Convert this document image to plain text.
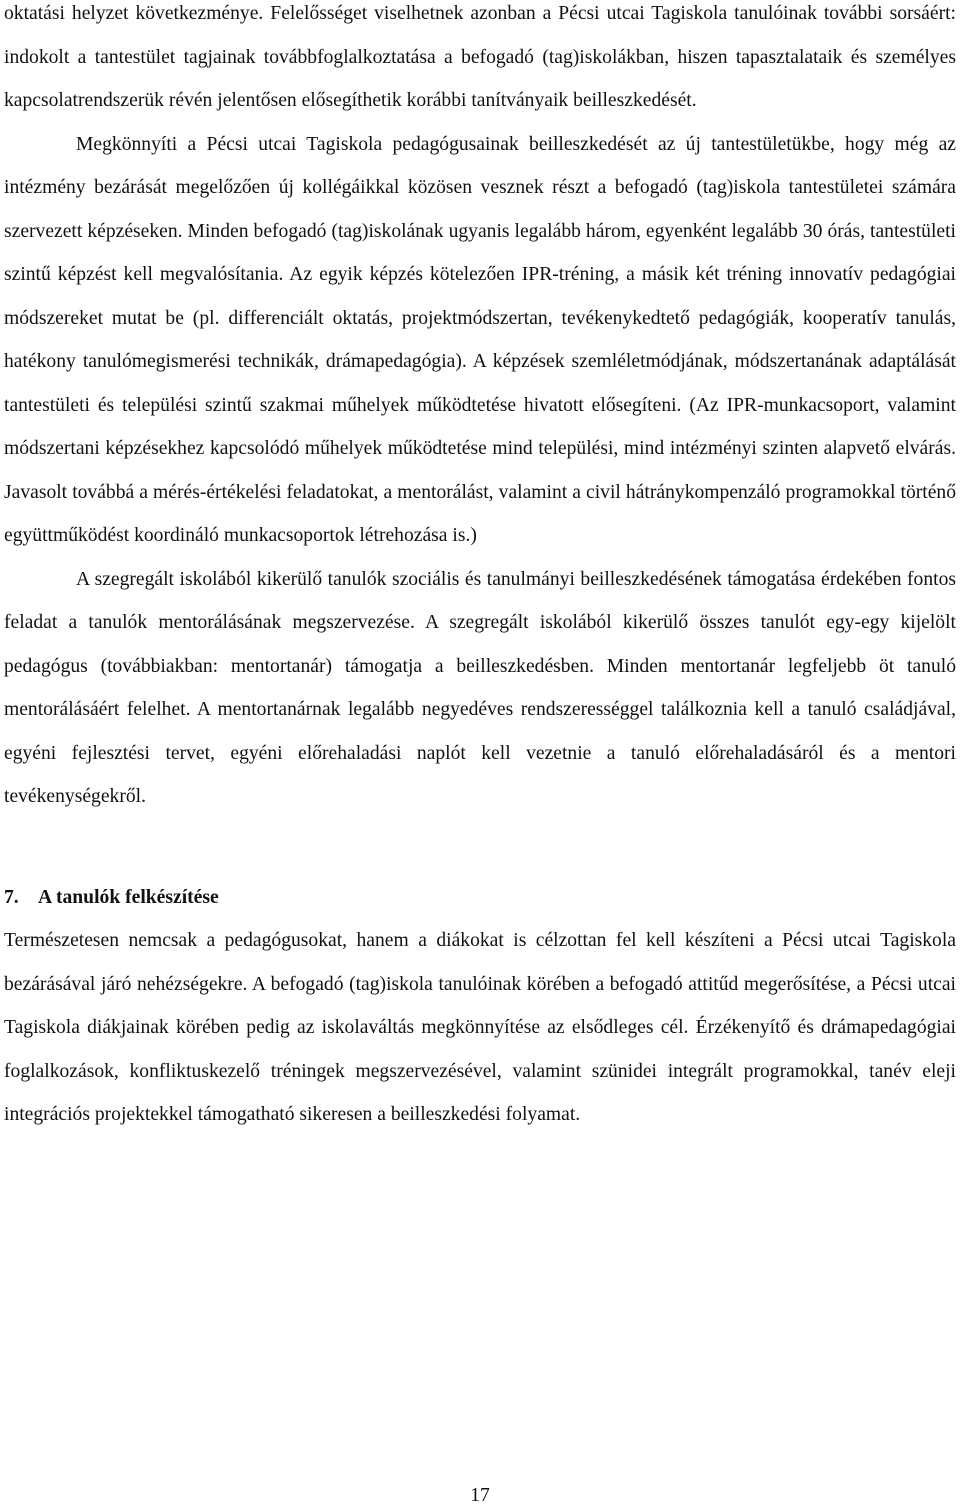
oktatási helyzet következménye. Felelősséget viselhetnek azonban a Pécsi utcai Tagiskola tanulóinak további sorsáért: indokolt a tantestület tagjainak továbbfoglalkoztatása a befogadó (tag)iskolákban, hiszen tapasztalataik és személyes kapcsolatrendszerük révén jelentősen elősegíthetik korábbi tanítványaik beilleszkedését.

Megkönnyíti a Pécsi utcai Tagiskola pedagógusainak beilleszkedését az új tantestületükbe, hogy még az intézmény bezárását megelőzően új kollégáikkal közösen vesznek részt a befogadó (tag)iskola tantestületei számára szervezett képzéseken. Minden befogadó (tag)iskolának ugyanis legalább három, egyenként legalább 30 órás, tantestületi szintű képzést kell megvalósítania. Az egyik képzés kötelezően IPR-tréning, a másik két tréning innovatív pedagógiai módszereket mutat be (pl. differenciált oktatás, projektmódszertan, tevékenykedtető pedagógiák, kooperatív tanulás, hatékony tanulómegismerési technikák, drámapedagógia). A képzések szemléletmódjának, módszertanának adaptálását tantestületi és települési szintű szakmai műhelyek működtetése hivatott elősegíteni. (Az IPR-munkacsoport, valamint módszertani képzésekhez kapcsolódó műhelyek működtetése mind települési, mind intézményi szinten alapvető elvárás. Javasolt továbbá a mérés-értékelési feladatokat, a mentorálást, valamint a civil hátránykompenzáló programokkal történő együttműködést koordináló munkacsoportok létrehozása is.)

A szegregált iskolából kikerülő tanulók szociális és tanulmányi beilleszkedésének támogatása érdekében fontos feladat a tanulók mentorálásának megszervezése. A szegregált iskolából kikerülő összes tanulót egy-egy kijelölt pedagógus (továbbiakban: mentortanár) támogatja a beilleszkedésben. Minden mentortanár legfeljebb öt tanuló mentorálásáért felelhet. A mentortanárnak legalább negyedéves rendszerességgel találkoznia kell a tanuló családjával, egyéni fejlesztési tervet, egyéni előrehaladási naplót kell vezetnie a tanuló előrehaladásáról és a mentori tevékenységekről.

7. A tanulók felkészítése

Természetesen nemcsak a pedagógusokat, hanem a diákokat is célzottan fel kell készíteni a Pécsi utcai Tagiskola bezárásával járó nehézségekre. A befogadó (tag)iskola tanulóinak körében a befogadó attitűd megerősítése, a Pécsi utcai Tagiskola diákjainak körében pedig az iskolaváltás megkönnyítése az elsődleges cél. Érzékenyítő és drámapedagógiai foglalkozások, konfliktuskezelő tréningek megszervezésével, valamint szünidei integrált programokkal, tanév eleji integrációs projektekkel támogatható sikeresen a beilleszkedési folyamat.

17
